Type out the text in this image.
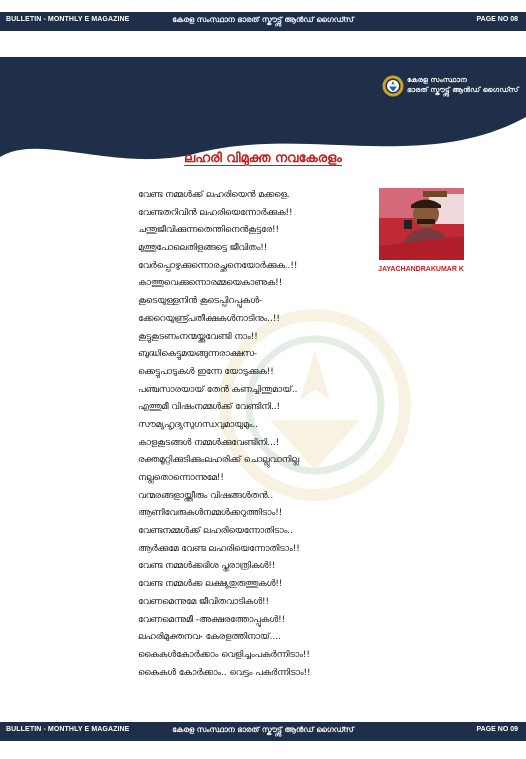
BULLETIN - MONTHLY E MAGAZINE	കേരള സംസ്ഥാന ഭാരത് സ്കൗട്ട്സ് ആൻഡ് ഗൈഡ്സ്	PAGE NO 08
കേരള സംസ്ഥാന
ഭാരത് സ്കൗട്ട്സ് ആൻഡ് ഗൈഡ്സ്
ലഹരി വിമുക്ത നവകേരളം
വേണ്ട നമ്മൾക്ക് ലഹരിയെൻ മക്കളെ.
വേണ്ടതറിവിൻ ലഹരിയെന്നോർക്കുക!!
ചന്തുജീവിക്കുന്നതെന്തിനെൻകൂട്ടരേ!!
മുത്തുപോലെതിളങ്ങട്ടെ ജീവിതം!!
വേർപ്പൊഴുക്കുന്നൊരച്ഛനെയോർക്കുക..!!
കാത്തുവെക്കുന്നൊരമ്മയെകാണുക!!
കൂടെയുള്ളനിൻ കൂടെപ്പിറപ്പുകൾ-
ക്കേറെയുണ്ട്പ്രതീക്ഷകൾനാടിനും..!!
കൂട്ടുകൂടണംനന്മയ്ക്കുവേണ്ടി നാം!!
ബുദ്ധികെട്ടുമയങ്ങുന്നരാക്ഷസ-
ക്കെട്ടുപാടുകൾ ഇന്നേ യോടുക്കുക!!
പഞ്ചസാരയായ് തേൻ കണച്ചിന്തുമായ്..
എത്തുമീ വിഷംനമ്മൾക്ക് വേണ്ടിനി..!
സൗമ്യഹൃദ്യസുഗന്ധവുമായുമും..
കാളകൂടങ്ങൾ നമ്മൾക്കുവേണ്ടിനി...!
രക്തമൂറ്റിക്കുടിക്കുംലഹരിക്ക് ചൊല്ലുവാനില്ല
നല്ലതൊന്നൊന്നുമേ!!
വന്മരങ്ങളായ്ത്തീരും വിഷങ്ങൾതൻ..
ആണിവേരുകൾനമ്മൾക്കറുത്തിടാം!!
വേണ്ടനമ്മൾക്ക് ലഹരിയെന്നോതിടാം..
ആർക്കുമേ വേണ്ട ലഹരിയെന്നോതിടാം!!
വേണ്ട നമ്മൾക്കഭിശ പ്തരാത്രികൾ!!
വേണ്ട നമ്മൾക്ക ലക്ഷ്യതുരുത്തുകൾ!!
വേണമെന്നുമേ ജീവിതവാടികൾ!!
വേണമെന്നുമീ -അക്ഷരത്തോപ്പുകൾ!!
ലഹരിമുക്തനവ- കേരളത്തിനായ്....
കൈകൾകോർക്കാം വെളിച്ചംപകർന്നിടാം!!
കൈകൾ കോർക്കാം.. വെട്ടം പകർന്നിടാം!!
JAYACHANDRAKUMAR K
BULLETIN - MONTHLY E MAGAZINE	കേരള സംസ്ഥാന ഭാരത് സ്കൗട്ട്സ് ആൻഡ് ഗൈഡ്സ്	PAGE NO 09
